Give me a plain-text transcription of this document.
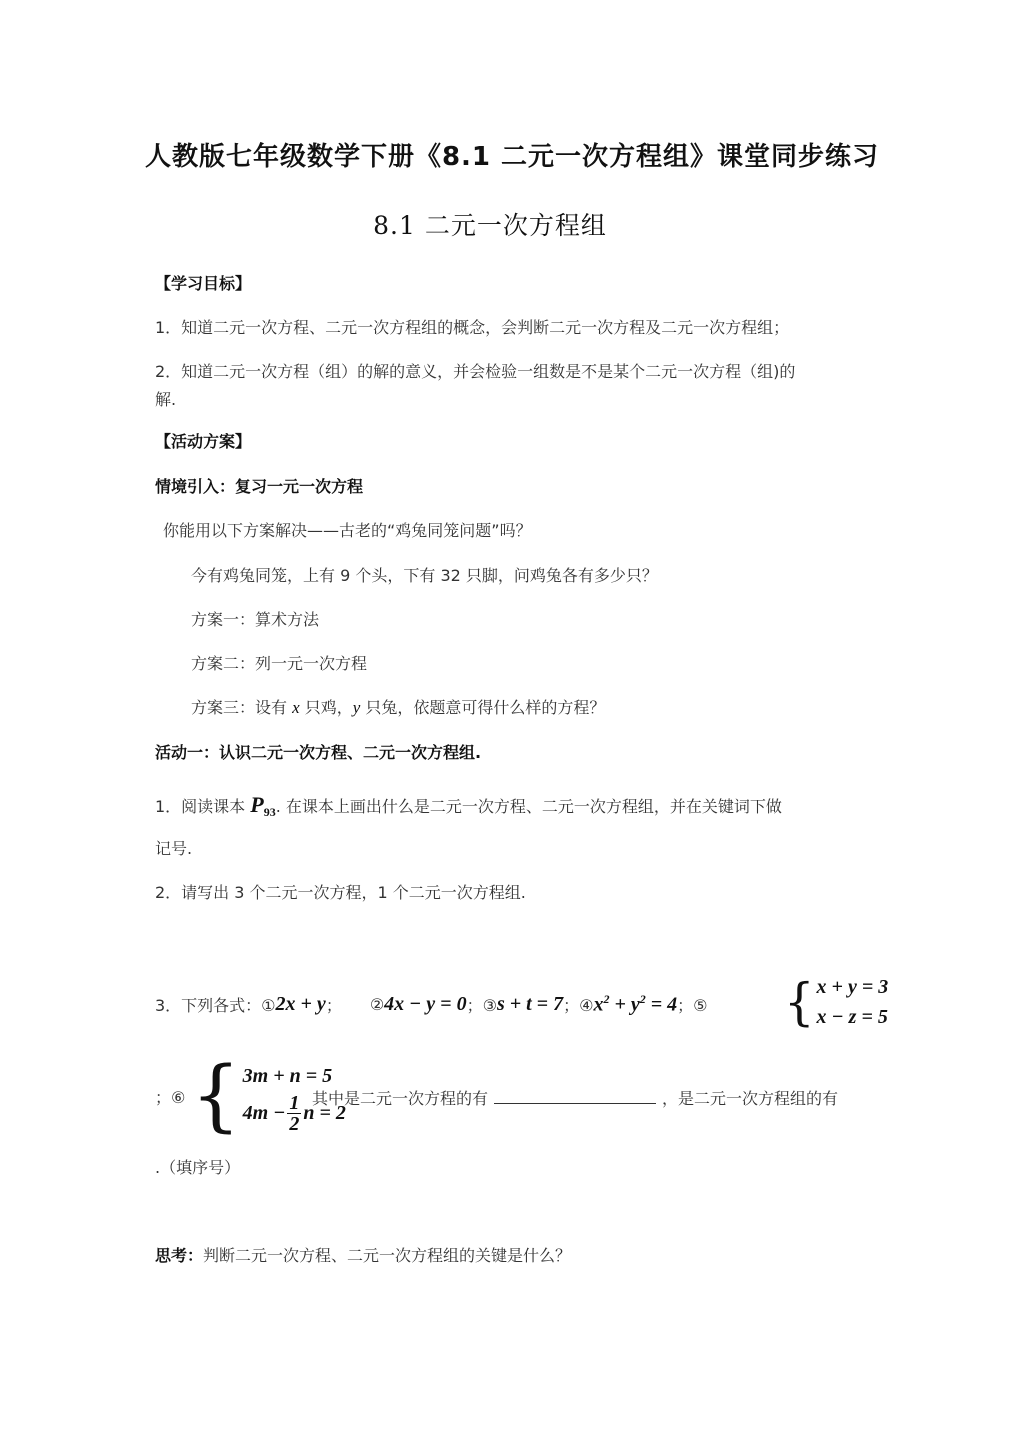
人教版七年级数学下册《8.1 二元一次方程组》课堂同步练习
8.1 二元一次方程组
【学习目标】
1．知道二元一次方程、二元一次方程组的概念，会判断二元一次方程及二元一次方程组；
2．知道二元一次方程（组）的解的意义，并会检验一组数是不是某个二元一次方程（组)的
解.
【活动方案】
情境引入：复习一元一次方程
你能用以下方案解决——古老的“鸡兔同笼问题”吗？
今有鸡兔同笼，上有 9 个头，下有 32 只脚，问鸡兔各有多少只？
方案一：算术方法
方案二：列一元一次方程
方案三：设有 x 只鸡，y 只兔，依题意可得什么样的方程？
活动一：认识二元一次方程、二元一次方程组.
1．阅读课本 $P_{93}$. 在课本上画出什么是二元一次方程、二元一次方程组，并在关键词下做
记号.
2．请写出 3 个二元一次方程，1 个二元一次方程组.
3．下列各式：① 2x + y ； ② 4x − y = 0 ；③ s + t = 7 ；④ $x^2 + y^2 = 4$ ；⑤ { x + y = 3
x − z = 5
；⑥ { 3m + n = 5
$4m - \frac{1}{2}$ n = 2
其中是二元一次方程的有	，是二元一次方程组的有
.（填序号）
思考：判断二元一次方程、二元一次方程组的关键是什么？
